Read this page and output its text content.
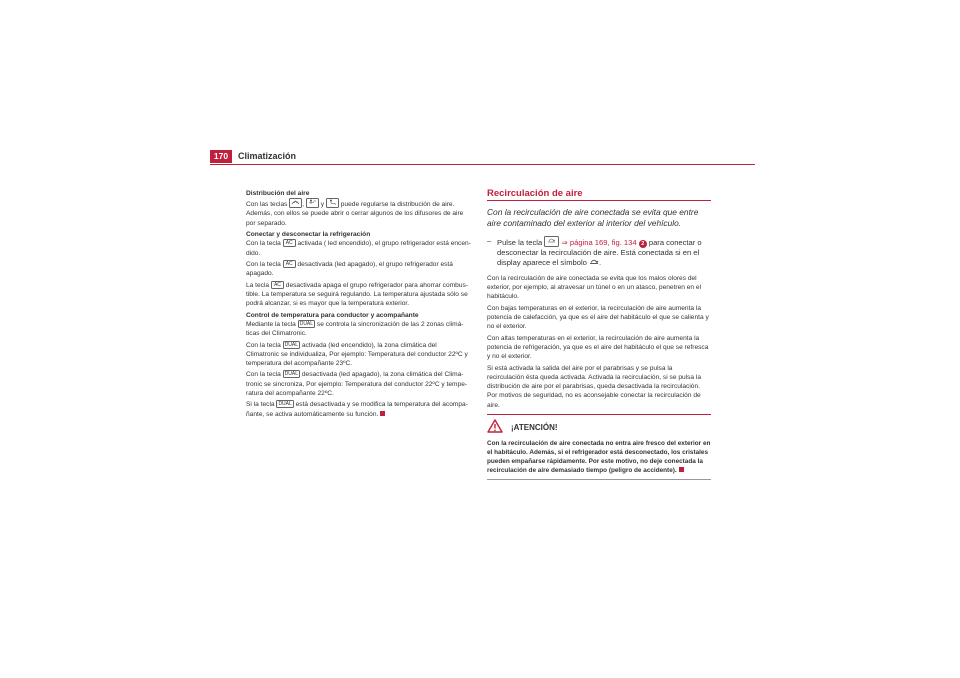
170	Climatización

Distribución del aire

Con las teclas ,	y	puede regularse la distribución de aire. Además, con ellos se puede abrir o cerrar algunos de los difusores de aire por separado.

Conectar y desconectar la refrigeración

Con la tecla AC activada ( led encendido), el grupo refrigerador está encendido.

Con la tecla AC desactivada (led apagado), el grupo refrigerador está apagado.

La tecla AC desactivada apaga el grupo refrigerador para ahorrar combustible. La temperatura se seguirá regulando. La temperatura ajustada sólo se podrá alcanzar, si es mayor que la temperatura exterior.

Control de temperatura para conductor y acompañante

Mediante la tecla DUAL se controla la sincronización de las 2 zonas climáticas del Climatronic.

Con la tecla DUAL activada (led encendido), la zona climática del Climatronic se individualiza, Por ejemplo: Temperatura del conductor 22ºC y temperatura del acompañante 23ºC.

Con la tecla DUAL desactivada (led apagado), la zona climática del Climatronic se sincroniza, Por ejemplo: Temperatura del conductor 22ºC y temperatura del acompañante 22ºC.

Si la tecla DUAL está desactivada y se modifica la temperatura del acompañante, se activa automáticamente su función.

Recirculación de aire

Con la recirculación de aire conectada se evita que entre aire contaminado del exterior al interior del vehículo.

– Pulse la tecla	⇒ página 169, fig. 134 2 para conectar o desconectar la recirculación de aire. Está conectada si en el display aparece el símbolo .

Con la recirculación de aire conectada se evita que los malos olores del exterior, por ejemplo, al atravesar un túnel o en un atasco, penetren en el habitáculo.

Con bajas temperaturas en el exterior, la recirculación de aire aumenta la potencia de calefacción, ya que es el aire del habitáculo el que se calienta y no el exterior.

Con altas temperaturas en el exterior, la recirculación de aire aumenta la potencia de refrigeración, ya que es el aire del habitáculo el que se refresca y no el exterior.

Si está activada la salida del aire por el parabrisas y se pulsa la recirculación ésta queda activada. Activada la recirculación, si se pulsa la distribución de aire por el parabrisas, queda desactivada la recirculación. Por motivos de seguridad, no es aconsejable conectar la recirculación de aire.

¡ATENCIÓN!
Con la recirculación de aire conectada no entra aire fresco del exterior en el habitáculo. Además, si el refrigerador está desconectado, los cristales pueden empañarse rápidamente. Por este motivo, no deje conectada la recirculación de aire demasiado tiempo (peligro de accidente).
